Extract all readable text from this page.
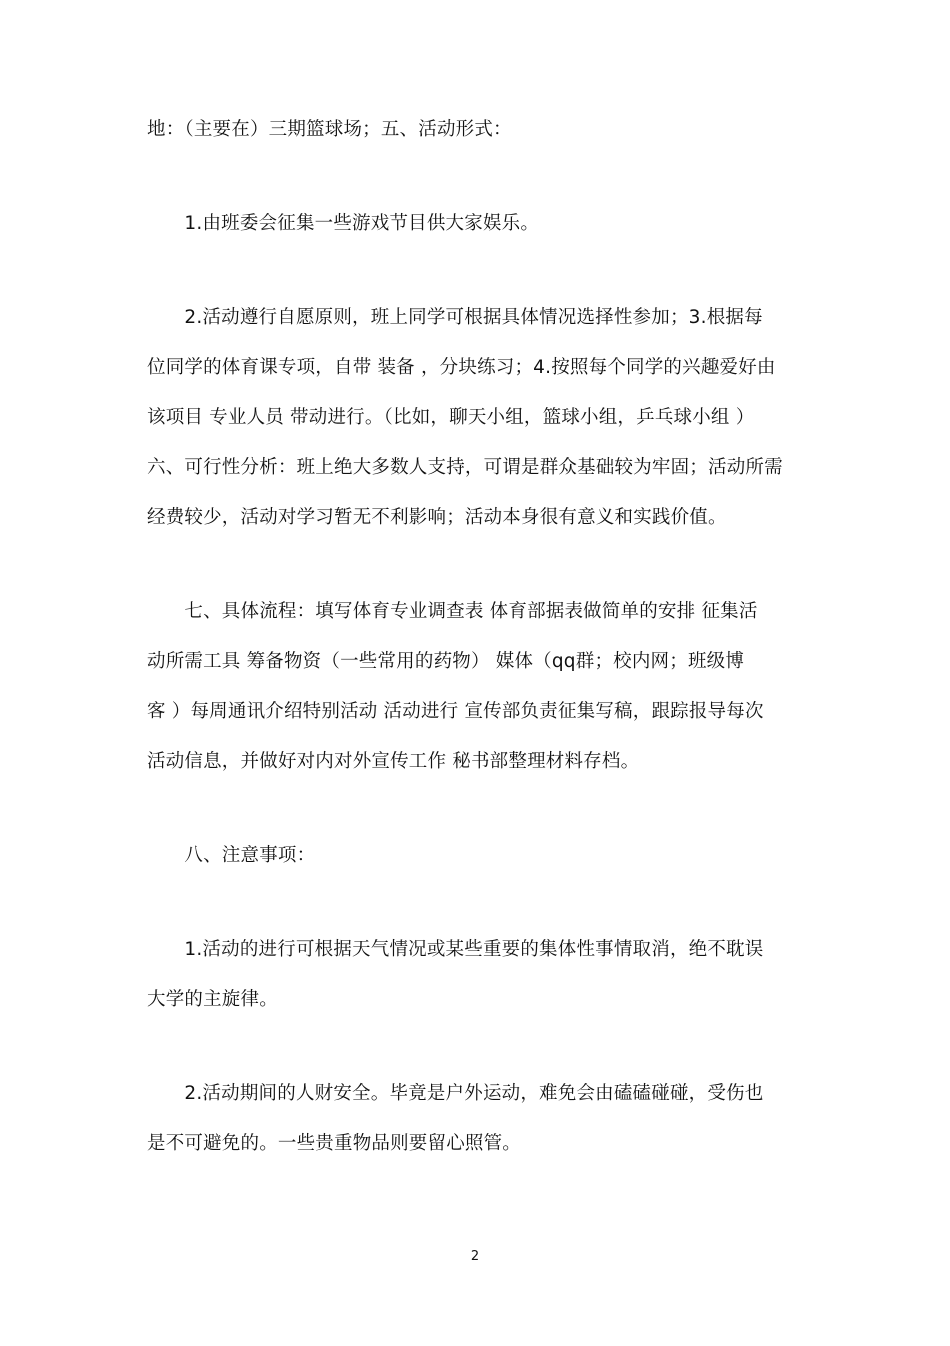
地：（主要在）三期篮球场；五、活动形式：
　　1.由班委会征集一些游戏节目供大家娱乐。
　　2.活动遵行自愿原则，班上同学可根据具体情况选择性参加；3.根据每
位同学的体育课专项，自带 装备 ，分块练习；4.按照每个同学的兴趣爱好由
该项目 专业人员 带动进行。（比如，聊天小组，篮球小组，乒乓球小组 ）
六、可行性分析：班上绝大多数人支持，可谓是群众基础较为牢固；活动所需
经费较少，活动对学习暂无不利影响；活动本身很有意义和实践价值。
　　七、具体流程：填写体育专业调查表 体育部据表做简单的安排 征集活
动所需工具 筹备物资（一些常用的药物） 媒体（qq群；校内网；班级博
客 ）每周通讯介绍特别活动 活动进行 宣传部负责征集写稿，跟踪报导每次
活动信息，并做好对内对外宣传工作 秘书部整理材料存档。
　　八、注意事项：
　　1.活动的进行可根据天气情况或某些重要的集体性事情取消，绝不耽误
大学的主旋律。
　　2.活动期间的人财安全。毕竟是户外运动，难免会由磕磕碰碰，受伤也
是不可避免的。一些贵重物品则要留心照管。
2
